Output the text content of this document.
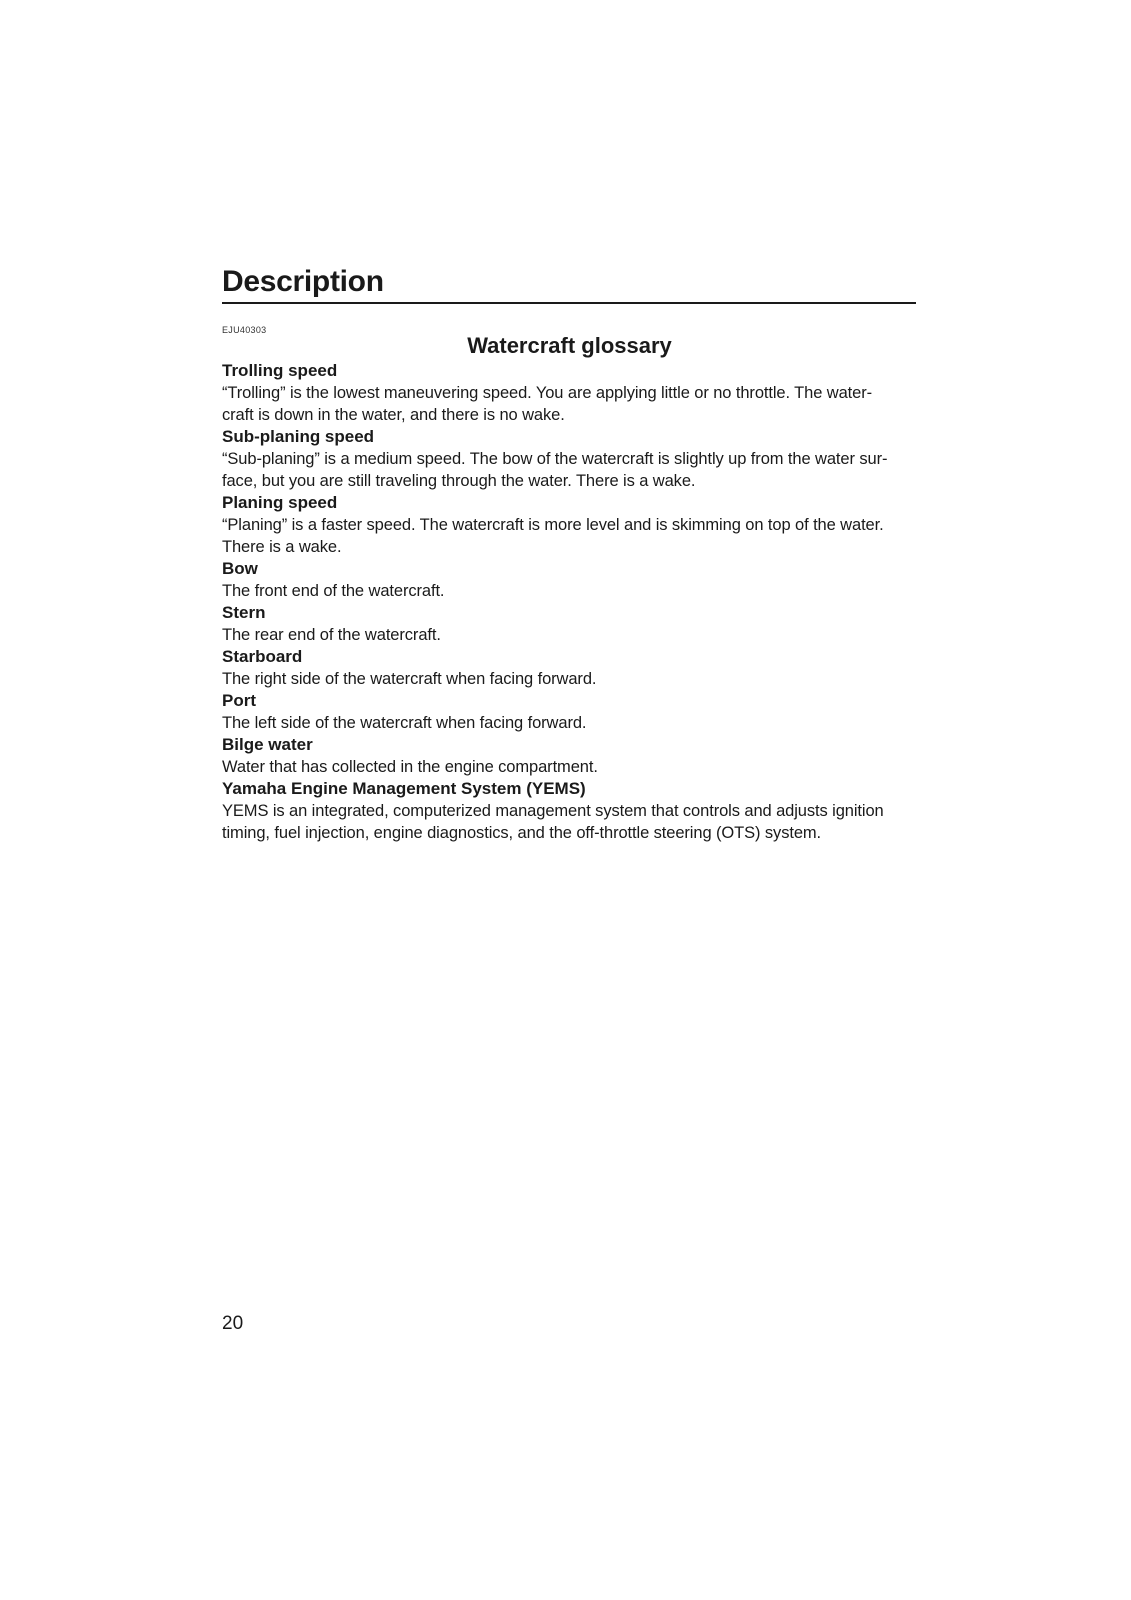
Description
EJU40303
Watercraft glossary

Trolling speed

“Trolling” is the lowest maneuvering speed. You are applying little or no throttle. The water-

craft is down in the water, and there is no wake.

Sub-planing speed

“Sub-planing” is a medium speed. The bow of the watercraft is slightly up from the water sur-

face, but you are still traveling through the water. There is a wake.

Planing speed

“Planing” is a faster speed. The watercraft is more level and is skimming on top of the water.

There is a wake.

Bow

The front end of the watercraft.

Stern

The rear end of the watercraft.

Starboard

The right side of the watercraft when facing forward.

Port

The left side of the watercraft when facing forward.

Bilge water

Water that has collected in the engine compartment.

Yamaha Engine Management System (YEMS)

YEMS is an integrated, computerized management system that controls and adjusts ignition

timing, fuel injection, engine diagnostics, and the off-throttle steering (OTS) system.

20
